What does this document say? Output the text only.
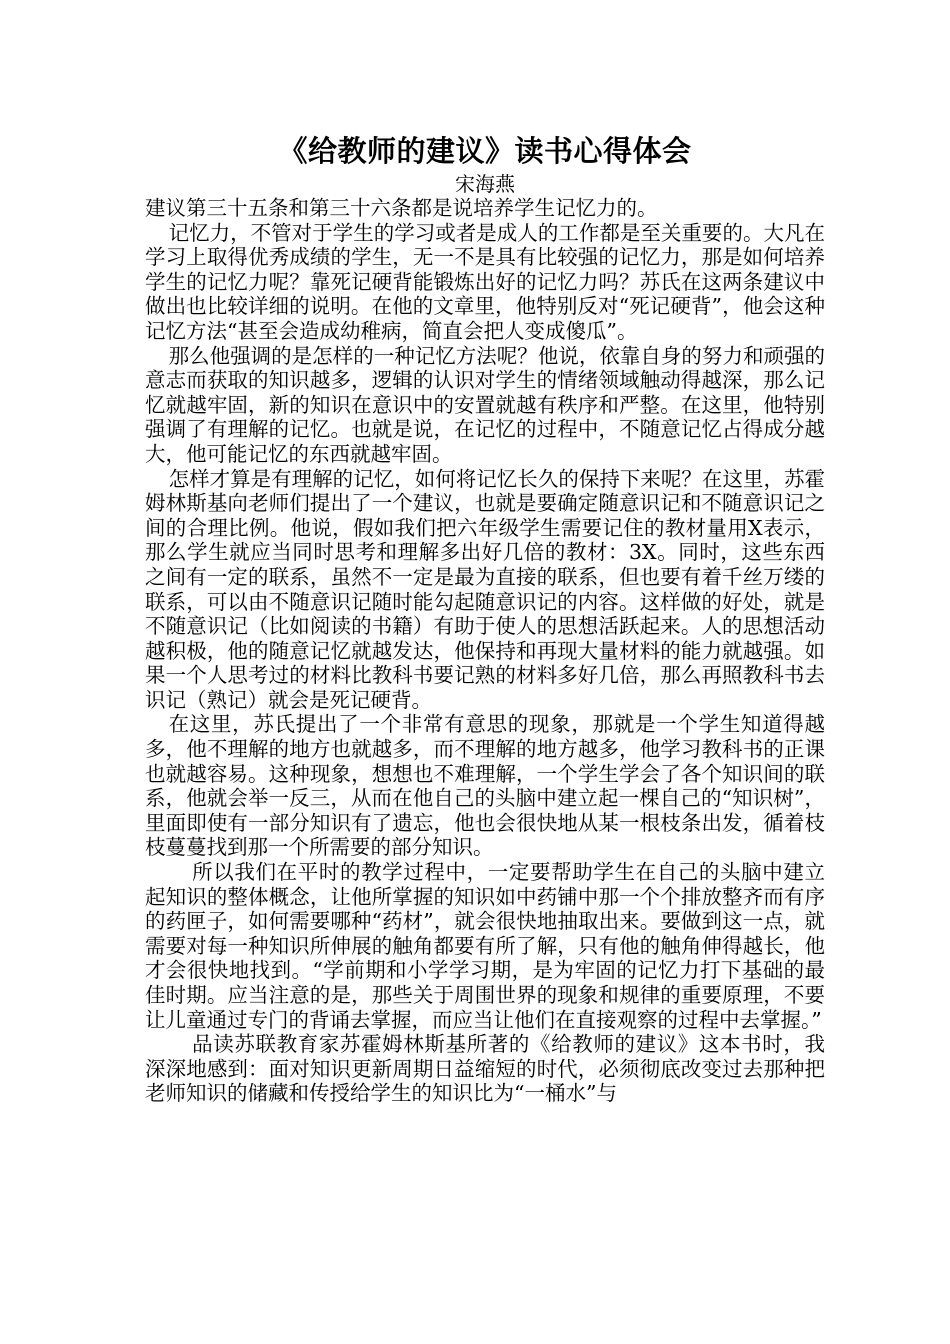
《给教师的建议》读书心得体会
宋海燕

建议第三十五条和第三十六条都是说培养学生记忆力的。

记忆力，不管对于学生的学习或者是成人的工作都是至关重要的。大凡在学习上取得优秀成绩的学生，无一不是具有比较强的记忆力，那是如何培养学生的记忆力呢？靠死记硬背能锻炼出好的记忆力吗？苏氏在这两条建议中做出也比较详细的说明。在他的文章里，他特别反对“死记硬背”，他会这种记忆方法“甚至会造成幼稚病，简直会把人变成傻瓜”。

那么他强调的是怎样的一种记忆方法呢？他说，依靠自身的努力和顽强的意志而获取的知识越多，逻辑的认识对学生的情绪领域触动得越深，那么记忆就越牢固，新的知识在意识中的安置就越有秩序和严整。在这里，他特别强调了有理解的记忆。也就是说，在记忆的过程中，不随意记忆占得成分越大，他可能记忆的东西就越牢固。

怎样才算是有理解的记忆，如何将记忆长久的保持下来呢？在这里，苏霍姆林斯基向老师们提出了一个建议，也就是要确定随意识记和不随意识记之间的合理比例。他说，假如我们把六年级学生需要记住的教材量用X表示，那么学生就应当同时思考和理解多出好几倍的教材：3X。同时，这些东西之间有一定的联系，虽然不一定是最为直接的联系，但也要有着千丝万缕的联系，可以由不随意识记随时能勾起随意识记的内容。这样做的好处，就是不随意识记（比如阅读的书籍）有助于使人的思想活跃起来。人的思想活动越积极，他的随意记忆就越发达，他保持和再现大量材料的能力就越强。如果一个人思考过的材料比教科书要记熟的材料多好几倍，那么再照教科书去识记（熟记）就会是死记硬背。

在这里，苏氏提出了一个非常有意思的现象，那就是一个学生知道得越多，他不理解的地方也就越多，而不理解的地方越多，他学习教科书的正课也就越容易。这种现象，想想也不难理解，一个学生学会了各个知识间的联系，他就会举一反三，从而在他自己的头脑中建立起一棵自己的“知识树”，里面即使有一部分知识有了遗忘，他也会很快地从某一根枝条出发，循着枝枝蔓蔓找到那一个所需要的部分知识。

所以我们在平时的教学过程中，一定要帮助学生在自己的头脑中建立起知识的整体概念，让他所掌握的知识如中药铺中那一个个排放整齐而有序的药匣子，如何需要哪种“药材”，就会很快地抽取出来。要做到这一点，就需要对每一种知识所伸展的触角都要有所了解，只有他的触角伸得越长，他才会很快地找到。“学前期和小学学习期，是为牢固的记忆力打下基础的最佳时期。应当注意的是，那些关于周围世界的现象和规律的重要原理，不要让儿童通过专门的背诵去掌握，而应当让他们在直接观察的过程中去掌握。”

品读苏联教育家苏霍姆林斯基所著的《给教师的建议》这本书时，我深深地感到：面对知识更新周期日益缩短的时代，必须彻底改变过去那种把老师知识的储藏和传授给学生的知识比为“一桶水”与
